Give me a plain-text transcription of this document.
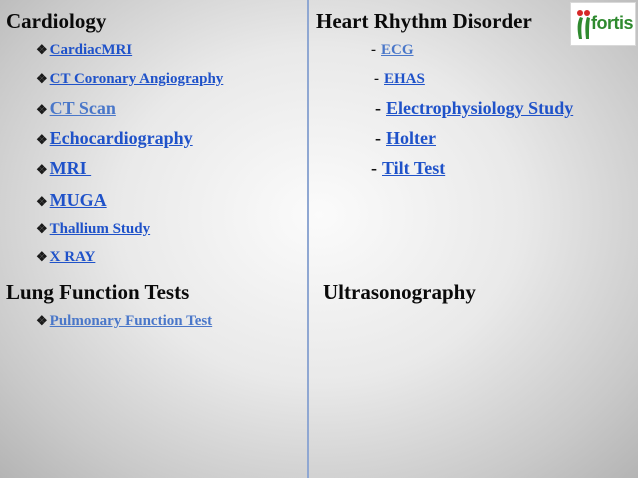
Cardiology
❖ CardiacMRI
❖ CT Coronary Angiography
❖ CT Scan
❖ Echocardiography
❖ MRI
❖ MUGA
❖ Thallium Study
❖ X RAY
Lung Function Tests
❖ Pulmonary Function Test
Heart Rhythm Disorder
- ECG
- EHAS
- Electrophysiology Study
- Holter
- Tilt Test
Ultrasonography
fortis
